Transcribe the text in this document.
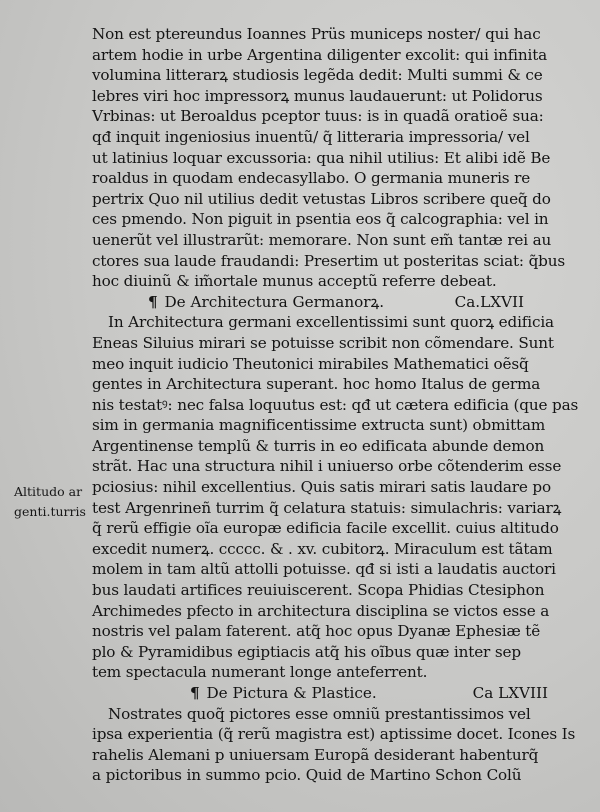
Altitudo ar
genti.turris
Non est ptereundus Ioannes Prüs municeps noster/ qui hac
artem hodie in urbe Argentina diligenter excolit: qui infinita
volumina litterarꝝ studiosis legẽda dedit: Multi summi & ce
lebres viri hoc impressorꝝ munus laudauerunt: ut Polidorus
Vrbinas: ut Beroaldus pceptor tuus: is in quadã oratioẽ sua:
qđ inquit ingeniosius inuentũ/ q̃ litteraria impressoria/ vel
ut latinius loquar excussoria: qua nihil utilius: Et alibi idẽ Be
roaldus in quodam endecasyllabo. O germania muneris re
pertrix Quo nil utilius dedit vetustas Libros scribere queq̃ do
ces pmendo. Non piguit in psentia eos q̃ calcographia: vel in
uenerũt vel illustrarũt: memorare. Non sunt em̃ tantæ rei au
ctores sua laude fraudandi: Presertim ut posteritas sciat: q̃bus
hoc diuinũ & im̃ortale munus acceptũ referre debeat.
¶ De Architectura Germanorꝝ.	Ca.LXVII
In Architectura germani excellentissimi sunt quorꝝ edificia
Eneas Siluius mirari se potuisse scribit non cõmendare. Sunt
meo inquit iudicio Theutonici mirabiles Mathematici oẽsq̃
gentes in Architectura superant. hoc homo Italus de germa
nis testatꝰ: nec falsa loquutus est: qđ ut cætera edificia (que pas
sim in germania magnificentissime extructa sunt) obmittam
Argentinense templũ & turris in eo edificata abunde demon
strãt. Hac una structura nihil i uniuerso orbe cõtenderim esse
pciosius: nihil excellentius. Quis satis mirari satis laudare po
test Argenrineñ turrim q̃ celatura statuis: simulachris: variarꝝ
q̃ rerũ effigie oĩa europæ edificia facile excellit. cuius altitudo
excedit numerꝝ. ccccc. & . xv. cubitorꝝ. Miraculum est tãtam
molem in tam altũ attolli potuisse. qđ si isti a laudatis auctori
bus laudati artifices reuiuiscerent. Scopa Phidias Ctesiphon
Archimedes pfecto in architectura disciplina se victos esse a
nostris vel palam faterent. atq̃ hoc opus Dyanæ Ephesiæ tẽ
plo & Pyramidibus egiptiacis atq̃ his oĩbus quæ inter sep
tem spectacula numerant longe anteferrent.
¶ De Pictura & Plastice.	Ca LXVIII
Nostrates quoq̃ pictores esse omniũ prestantissimos vel
ipsa experientia (q̃ rerũ magistra est) aptissime docet. Icones Is
rahelis Alemani p uniuersam Europã desiderant habenturq̃
a pictoribus in summo pcio. Quid de Martino Schon Colũ
